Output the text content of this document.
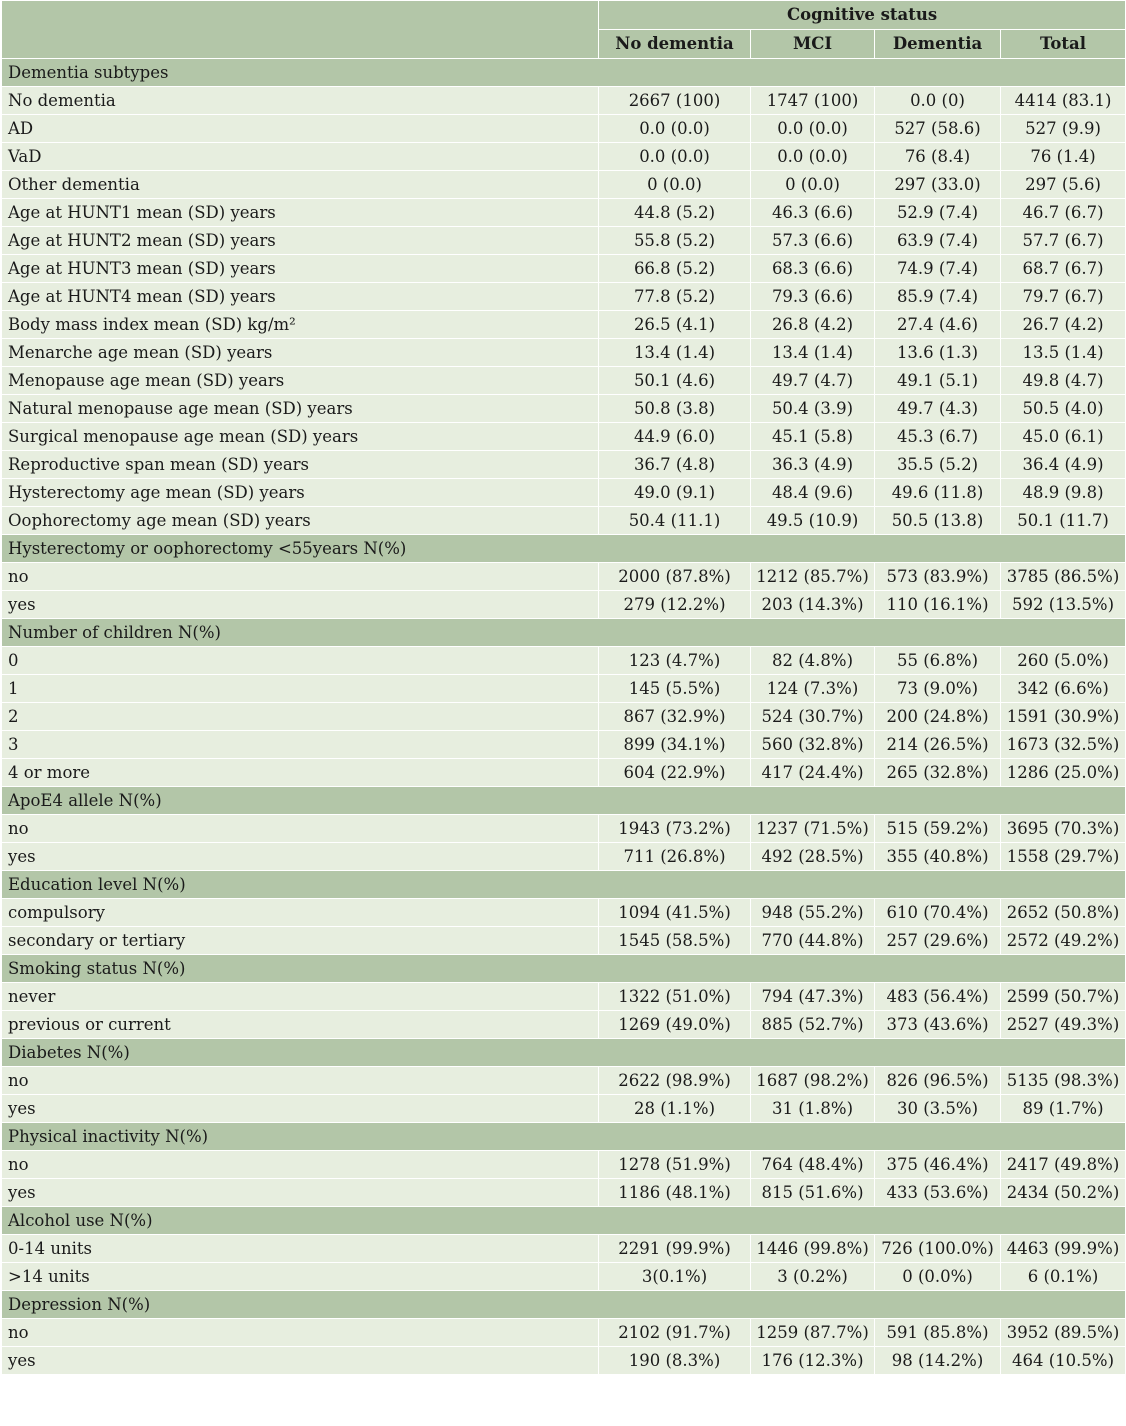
	Cognitive status			
	No dementia	MCI	Dementia	Total
Dementia subtypes				
No dementia	2667 (100)	1747 (100)	0.0 (0)	4414 (83.1)
AD	0.0 (0.0)	0.0 (0.0)	527 (58.6)	527 (9.9)
VaD	0.0 (0.0)	0.0 (0.0)	76 (8.4)	76 (1.4)
Other dementia	0 (0.0)	0 (0.0)	297 (33.0)	297 (5.6)
Age at HUNT1 mean (SD) years	44.8 (5.2)	46.3 (6.6)	52.9 (7.4)	46.7 (6.7)
Age at HUNT2 mean (SD) years	55.8 (5.2)	57.3 (6.6)	63.9 (7.4)	57.7 (6.7)
Age at HUNT3 mean (SD) years	66.8 (5.2)	68.3 (6.6)	74.9 (7.4)	68.7 (6.7)
Age at HUNT4 mean (SD) years	77.8 (5.2)	79.3 (6.6)	85.9 (7.4)	79.7 (6.7)
Body mass index mean (SD) kg/m²	26.5 (4.1)	26.8 (4.2)	27.4 (4.6)	26.7 (4.2)
Menarche age mean (SD) years	13.4 (1.4)	13.4 (1.4)	13.6 (1.3)	13.5 (1.4)
Menopause age mean (SD) years	50.1 (4.6)	49.7 (4.7)	49.1 (5.1)	49.8 (4.7)
Natural menopause age mean (SD) years	50.8 (3.8)	50.4 (3.9)	49.7 (4.3)	50.5 (4.0)
Surgical menopause age mean (SD) years	44.9 (6.0)	45.1 (5.8)	45.3 (6.7)	45.0 (6.1)
Reproductive span mean (SD) years	36.7 (4.8)	36.3 (4.9)	35.5 (5.2)	36.4 (4.9)
Hysterectomy age mean (SD) years	49.0 (9.1)	48.4 (9.6)	49.6 (11.8)	48.9 (9.8)
Oophorectomy age mean (SD) years	50.4 (11.1)	49.5 (10.9)	50.5 (13.8)	50.1 (11.7)
Hysterectomy or oophorectomy <55years N(%)				
no	2000 (87.8%)	1212 (85.7%)	573 (83.9%)	3785 (86.5%)
yes	279 (12.2%)	203 (14.3%)	110 (16.1%)	592 (13.5%)
Number of children N(%)				
0	123 (4.7%)	82 (4.8%)	55 (6.8%)	260 (5.0%)
1	145 (5.5%)	124 (7.3%)	73 (9.0%)	342 (6.6%)
2	867 (32.9%)	524 (30.7%)	200 (24.8%)	1591 (30.9%)
3	899 (34.1%)	560 (32.8%)	214 (26.5%)	1673 (32.5%)
4 or more	604 (22.9%)	417 (24.4%)	265 (32.8%)	1286 (25.0%)
ApoE4 allele N(%)				
no	1943 (73.2%)	1237 (71.5%)	515 (59.2%)	3695 (70.3%)
yes	711 (26.8%)	492 (28.5%)	355 (40.8%)	1558 (29.7%)
Education level N(%)				
compulsory	1094 (41.5%)	948 (55.2%)	610 (70.4%)	2652 (50.8%)
secondary or tertiary	1545 (58.5%)	770 (44.8%)	257 (29.6%)	2572 (49.2%)
Smoking status N(%)				
never	1322 (51.0%)	794 (47.3%)	483 (56.4%)	2599 (50.7%)
previous or current	1269 (49.0%)	885 (52.7%)	373 (43.6%)	2527 (49.3%)
Diabetes N(%)				
no	2622 (98.9%)	1687 (98.2%)	826 (96.5%)	5135 (98.3%)
yes	28 (1.1%)	31 (1.8%)	30 (3.5%)	89 (1.7%)
Physical inactivity N(%)				
no	1278 (51.9%)	764 (48.4%)	375 (46.4%)	2417 (49.8%)
yes	1186 (48.1%)	815 (51.6%)	433 (53.6%)	2434 (50.2%)
Alcohol use N(%)				
0-14 units	2291 (99.9%)	1446 (99.8%)	726 (100.0%)	4463 (99.9%)
>14 units	3(0.1%)	3 (0.2%)	0 (0.0%)	6 (0.1%)
Depression N(%)				
no	2102 (91.7%)	1259 (87.7%)	591 (85.8%)	3952 (89.5%)
yes	190 (8.3%)	176 (12.3%)	98 (14.2%)	464 (10.5%)
